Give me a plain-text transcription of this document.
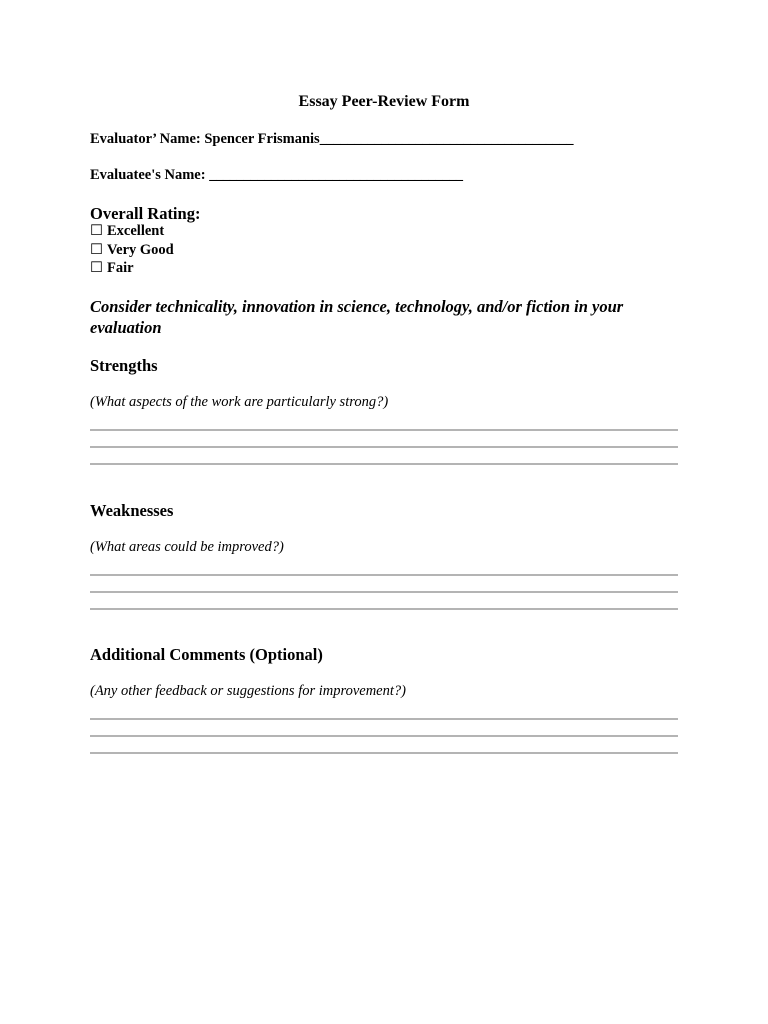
Essay Peer-Review Form
Evaluator’ Name: Spencer Frismanis_____________________________________
Evaluatee's Name: _____________________________________
Overall Rating:
☐ Excellent
☐ Very Good
☐ Fair
Consider technicality, innovation in science, technology, and/or fiction in your evaluation
Strengths
(What aspects of the work are particularly strong?)
Weaknesses
(What areas could be improved?)
Additional Comments (Optional)
(Any other feedback or suggestions for improvement?)
